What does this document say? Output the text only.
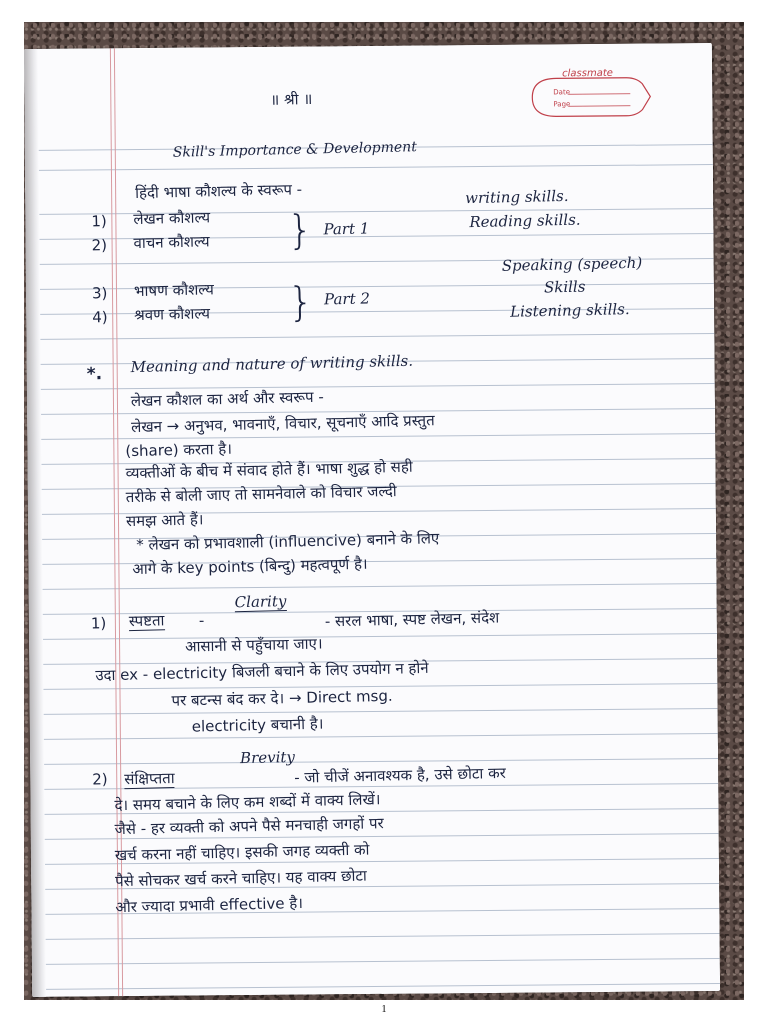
classmate
Date
Page
॥ श्री ॥
Skill's Importance & Development
हिंदी भाषा कौशल्य के स्वरूप -
1) लेखन कौशल्य
2) वाचन कौशल्य } Part 1
writing skills.
Reading skills.
3) भाषण कौशल्य
4) श्रवण कौशल्य } Part 2
Speaking (speech)
Skills
Listening skills.
*. Meaning and nature of writing skills.
लेखन कौशल का अर्थ और स्वरूप -
लेखन → अनुभव, भावनाएँ, विचार, सूचनाएँ आदि प्रस्तुत
(share) करता है।
व्यक्तीओं के बीच में संवाद होते हैं। भाषा शुद्ध हो सही
तरीके से बोली जाए तो सामनेवाले को विचार जल्दी
समझ आते हैं।
* लेखन को प्रभावशाली (influencive) बनाने के लिए
आगे के key points (बिन्दु) महत्वपूर्ण है।
1) स्पष्टता -
Clarity
- सरल भाषा, स्पष्ट लेखन, संदेश
आसानी से पहुँचाया जाए।
उदा ex - electricity बिजली बचाने के लिए उपयोग न होने
पर बटन्स बंद कर दे। → Direct msg.
electricity बचानी है।
2) संक्षिप्तता
Brevity
- जो चीजें अनावश्यक है, उसे छोटा कर
दे। समय बचाने के लिए कम शब्दों में वाक्य लिखें।
जैसे - हर व्यक्ती को अपने पैसे मनचाही जगहों पर
खर्च करना नहीं चाहिए। इसकी जगह व्यक्ती को
पैसे सोचकर खर्च करने चाहिए। यह वाक्य छोटा
और ज्यादा प्रभावी effective है।
1
